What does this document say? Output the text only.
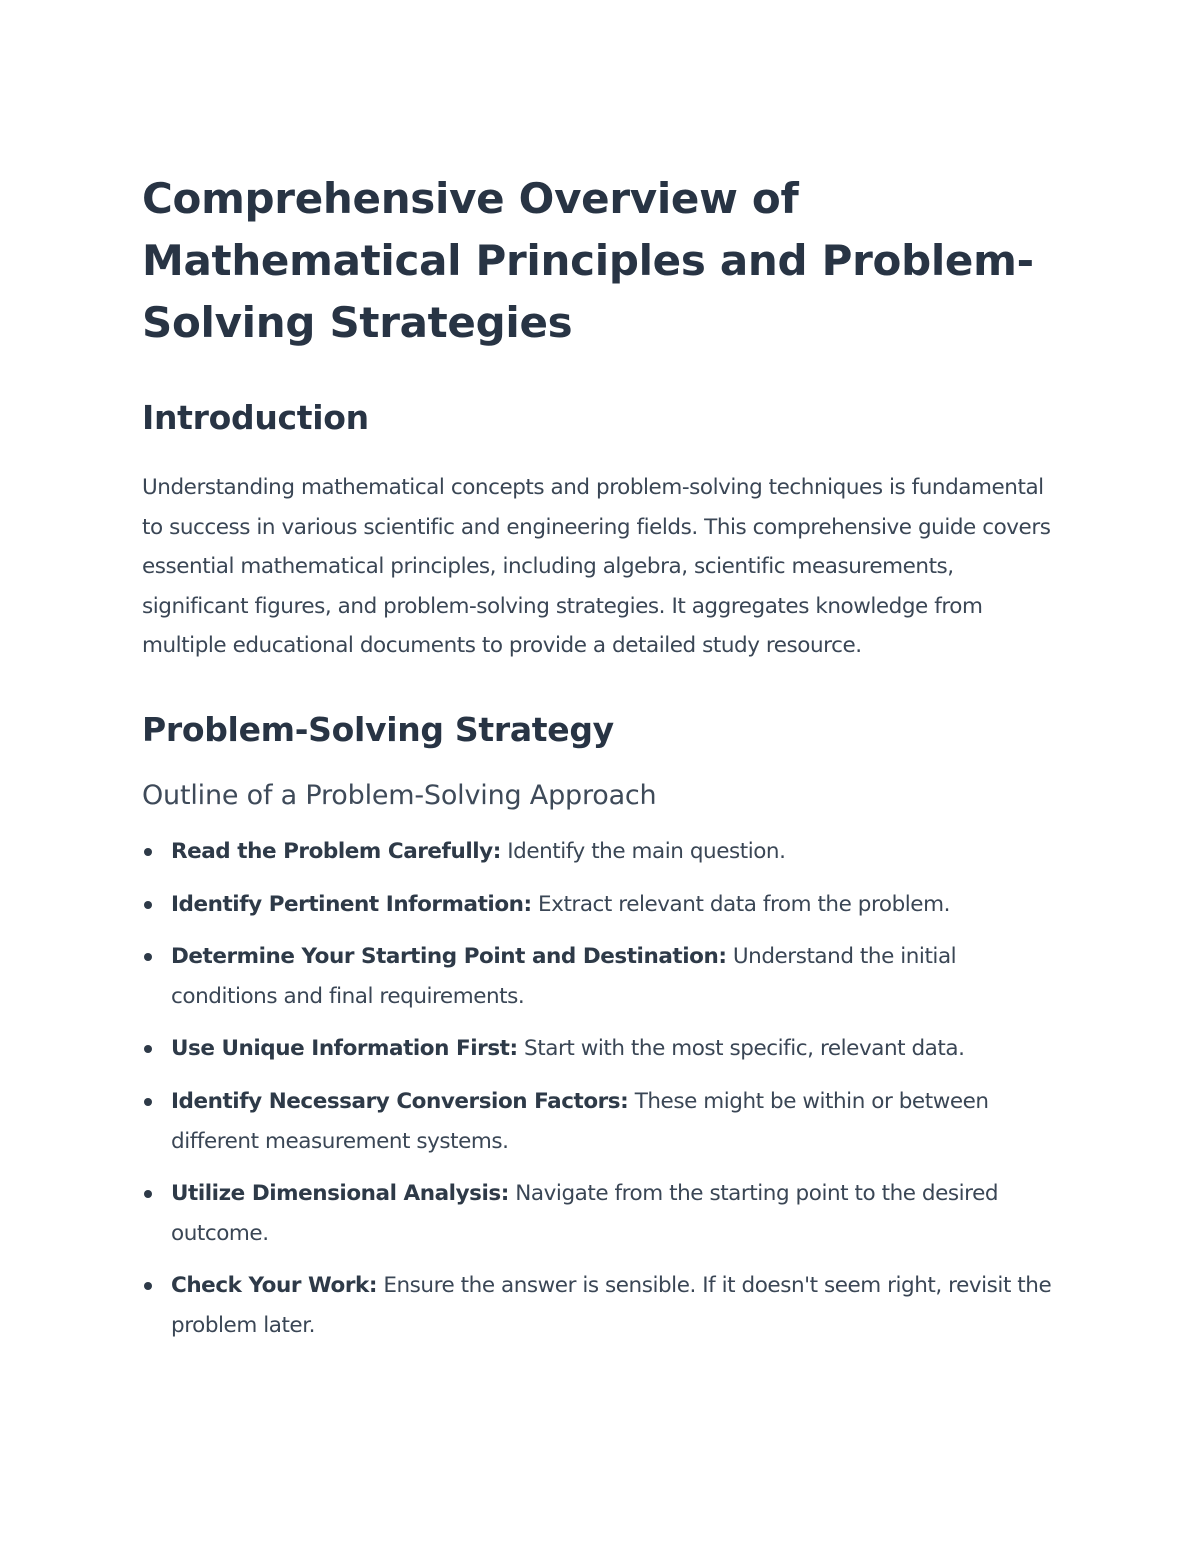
Comprehensive Overview of Mathematical Principles and Problem-Solving Strategies
Introduction

Understanding mathematical concepts and problem-solving techniques is fundamental to success in various scientific and engineering fields. This comprehensive guide covers essential mathematical principles, including algebra, scientific measurements, significant figures, and problem-solving strategies. It aggregates knowledge from multiple educational documents to provide a detailed study resource.

Problem-Solving Strategy
Outline of a Problem-Solving Approach
Read the Problem Carefully: Identify the main question.
Identify Pertinent Information: Extract relevant data from the problem.
Determine Your Starting Point and Destination: Understand the initial conditions and final requirements.
Use Unique Information First: Start with the most specific, relevant data.
Identify Necessary Conversion Factors: These might be within or between different measurement systems.
Utilize Dimensional Analysis: Navigate from the starting point to the desired outcome.
Check Your Work: Ensure the answer is sensible. If it doesn't seem right, revisit the problem later.
